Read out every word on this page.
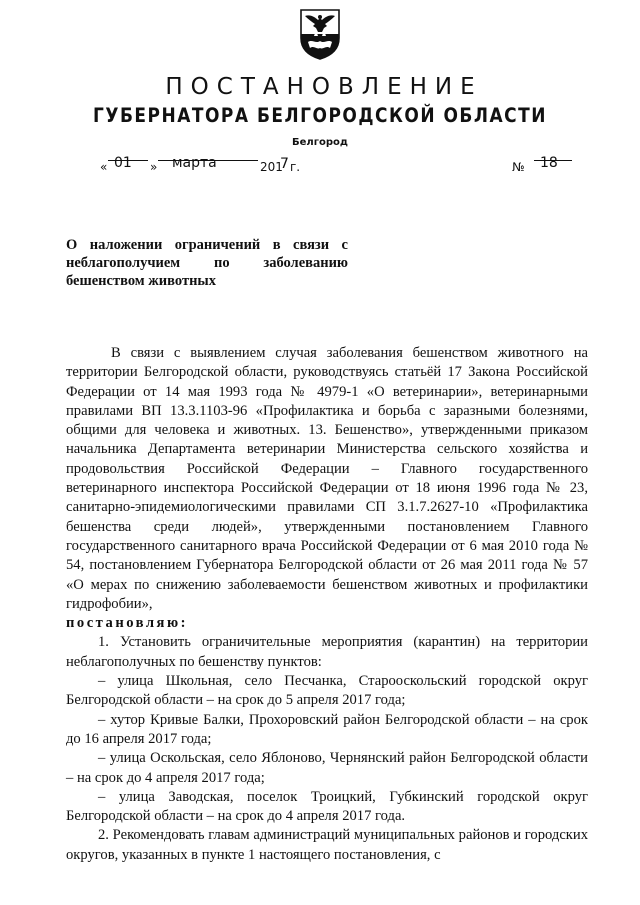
ПОСТАНОВЛЕНИЕ
ГУБЕРНАТОРА БЕЛГОРОДСКОЙ ОБЛАСТИ
Белгород
« 01 » марта	201
7 г.	№ 18
О наложении ограничений в связи с неблагополучием по заболеванию бешенством животных

В связи с выявлением случая заболевания бешенством животного на территории Белгородской области, руководствуясь статьёй 17 Закона Российской Федерации от 14 мая 1993 года № 4979-1 «О ветеринарии», ветеринарными правилами ВП 13.3.1103-96 «Профилактика и борьба с заразными болезнями, общими для человека и животных. 13. Бешенство», утвержденными приказом начальника Департамента ветеринарии Министерства сельского хозяйства и продовольствия Российской Федерации – Главного государственного ветеринарного инспектора Российской Федерации от 18 июня 1996 года № 23, санитарно-эпидемиологическими правилами СП 3.1.7.2627-10 «Профилактика бешенства среди людей», утвержденными постановлением Главного государственного санитарного врача Российской Федерации от 6 мая 2010 года № 54, постановлением Губернатора Белгородской области от 26 мая 2011 года № 57 «О мерах по снижению заболеваемости бешенством животных и профилактики гидрофобии»,

постановляю:

1. Установить ограничительные мероприятия (карантин) на территории неблагополучных по бешенству пунктов:

– улица Школьная, село Песчанка, Старооскольский городской округ Белгородской области – на срок до 5 апреля 2017 года;

– хутор Кривые Балки, Прохоровский район Белгородской области – на срок до 16 апреля 2017 года;

– улица Оскольская, село Яблоново, Чернянский район Белгородской области – на срок до 4 апреля 2017 года;

– улица Заводская, поселок Троицкий, Губкинский городской округ Белгородской области – на срок до 4 апреля 2017 года.

2. Рекомендовать главам администраций муниципальных районов и городских округов, указанных в пункте 1 настоящего постановления, с
